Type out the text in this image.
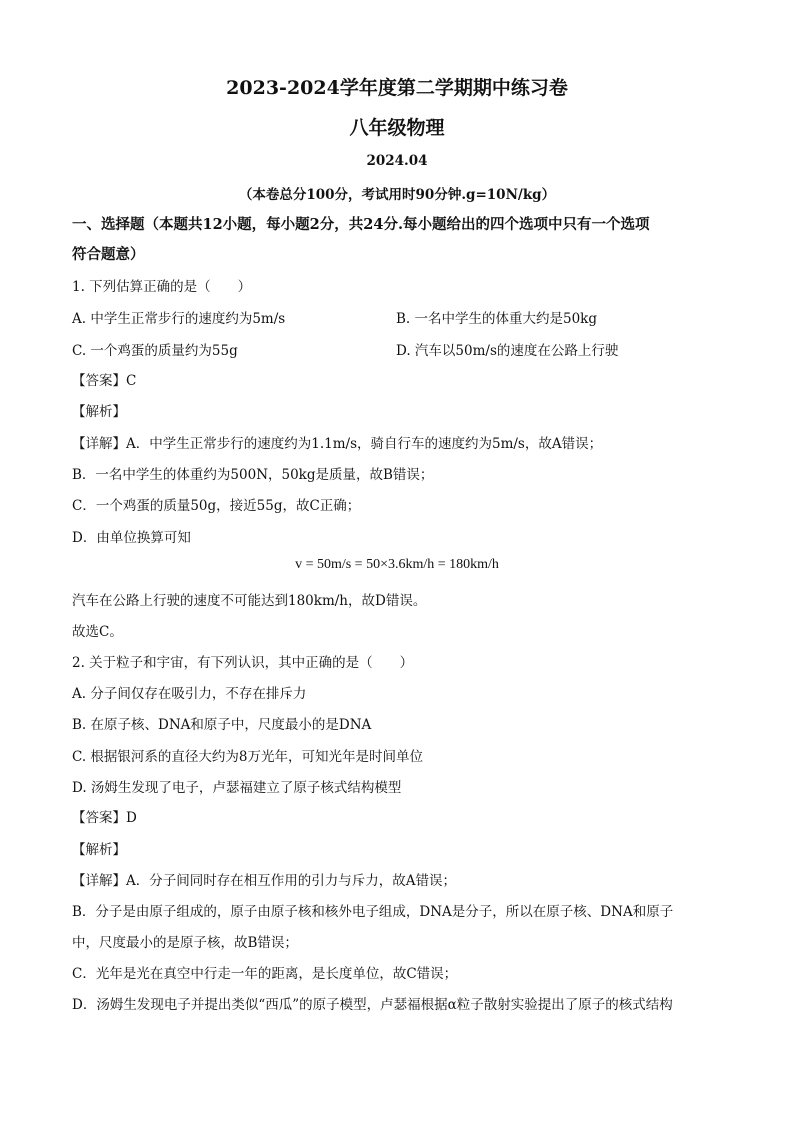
2023-2024学年度第二学期期中练习卷
八年级物理
2024.04
（本卷总分100分，考试用时90分钟.g=10N/kg）
一、选择题（本题共12小题，每小题2分，共24分.每小题给出的四个选项中只有一个选项
符合题意）
1. 下列估算正确的是（　　）
A. 中学生正常步行的速度约为5m/s	B. 一名中学生的体重大约是50kg
C. 一个鸡蛋的质量约为55g	D. 汽车以50m/s的速度在公路上行驶
【答案】C
【解析】
【详解】A．中学生正常步行的速度约为1.1m/s，骑自行车的速度约为5m/s，故A错误；
B．一名中学生的体重约为500N，50kg是质量，故B错误；
C．一个鸡蛋的质量50g，接近55g，故C正确；
D．由单位换算可知
v = 50m/s = 50×3.6km/h = 180km/h
汽车在公路上行驶的速度不可能达到180km/h，故D错误。
故选C。
2. 关于粒子和宇宙，有下列认识，其中正确的是（　　）
A. 分子间仅存在吸引力，不存在排斥力
B. 在原子核、DNA和原子中，尺度最小的是DNA
C. 根据银河系的直径大约为8万光年，可知光年是时间单位
D. 汤姆生发现了电子，卢瑟福建立了原子核式结构模型
【答案】D
【解析】
【详解】A．分子间同时存在相互作用的引力与斥力，故A错误；
B．分子是由原子组成的，原子由原子核和核外电子组成，DNA是分子，所以在原子核、DNA和原子
中，尺度最小的是原子核，故B错误；
C．光年是光在真空中行走一年的距离，是长度单位，故C错误；
D．汤姆生发现电子并提出类似“西瓜”的原子模型，卢瑟福根据α粒子散射实验提出了原子的核式结构
